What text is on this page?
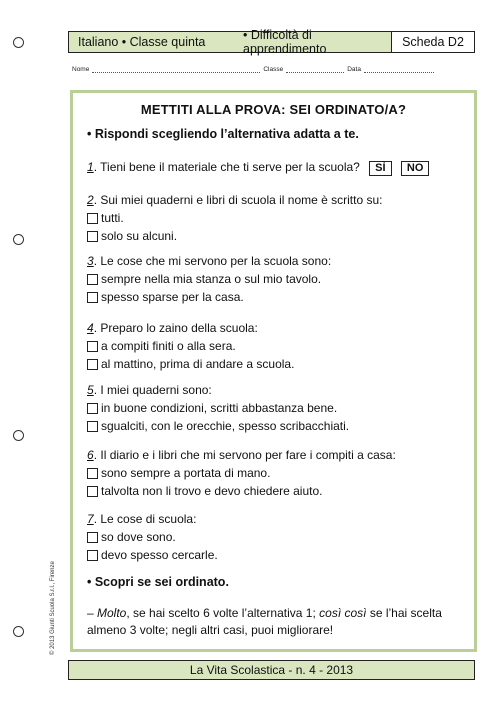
Italiano • Classe quinta	• Difficoltà di apprendimento	Scheda D2
Nome	Classe	Data
METTITI ALLA PROVA: SEI ORDINATO/A?
• Rispondi scegliendo l’alternativa adatta a te.
1. Tieni bene il materiale che ti serve per la scuola? SÌ NO
2. Sui miei quaderni e libri di scuola il nome è scritto su:
tutti.
solo su alcuni.
3. Le cose che mi servono per la scuola sono:
sempre nella mia stanza o sul mio tavolo.
spesso sparse per la casa.
4. Preparo lo zaino della scuola:
a compiti finiti o alla sera.
al mattino, prima di andare a scuola.
5. I miei quaderni sono:
in buone condizioni, scritti abbastanza bene.
sgualciti, con le orecchie, spesso scribacchiati.
6. Il diario e i libri che mi servono per fare i compiti a casa:
sono sempre a portata di mano.
talvolta non li trovo e devo chiedere aiuto.
7. Le cose di scuola:
so dove sono.
devo spesso cercarle.
• Scopri se sei ordinato.
– Molto, se hai scelto 6 volte l’alternativa 1; così così se l’hai scelta almeno 3 volte; negli altri casi, puoi migliorare!
© 2013 Giunti Scuola S.r.l., Firenze
La Vita Scolastica - n. 4 - 2013
